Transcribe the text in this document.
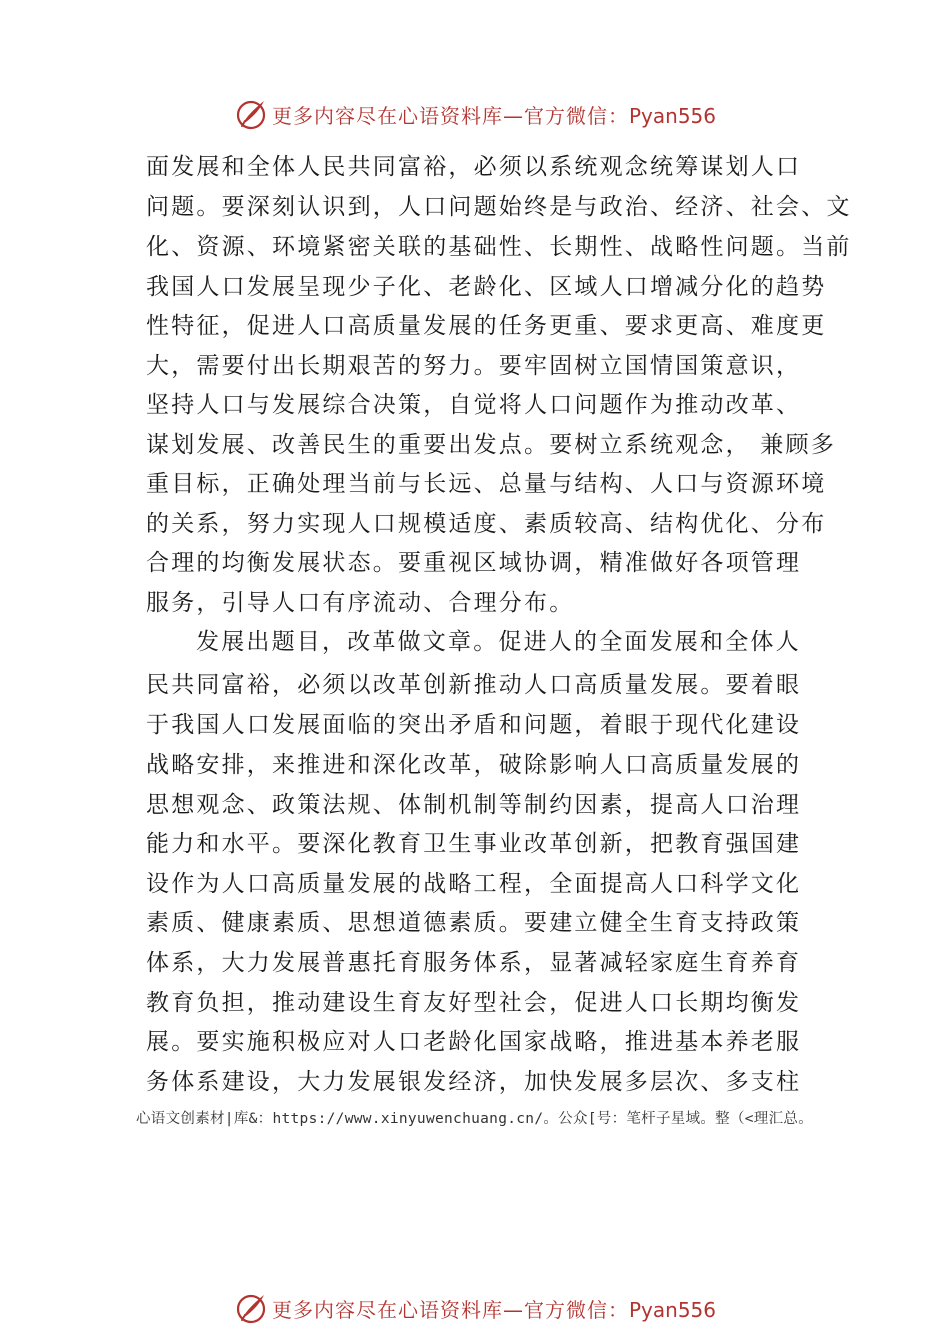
更多内容尽在心语资料库—官方微信：Pyan556
面发展和全体人民共同富裕，必须以系统观念统筹谋划人口
问题。要深刻认识到，人口问题始终是与政治、经济、社会、文
化、资源、环境紧密关联的基础性、长期性、战略性问题。当前
我国人口发展呈现少子化、老龄化、区域人口增减分化的趋势
性特征，促进人口高质量发展的任务更重、要求更高、难度更
大，需要付出长期艰苦的努力。要牢固树立国情国策意识，
坚持人口与发展综合决策，自觉将人口问题作为推动改革、
谋划发展、改善民生的重要出发点。要树立系统观念， 兼顾多
重目标，正确处理当前与长远、总量与结构、人口与资源环境
的关系，努力实现人口规模适度、素质较高、结构优化、分布
合理的均衡发展状态。要重视区域协调，精准做好各项管理
服务，引导人口有序流动、合理分布。
发展出题目，改革做文章。促进人的全面发展和全体人
民共同富裕，必须以改革创新推动人口高质量发展。要着眼
于我国人口发展面临的突出矛盾和问题，着眼于现代化建设
战略安排，来推进和深化改革，破除影响人口高质量发展的
思想观念、政策法规、体制机制等制约因素，提高人口治理
能力和水平。要深化教育卫生事业改革创新，把教育强国建
设作为人口高质量发展的战略工程，全面提高人口科学文化
素质、健康素质、思想道德素质。要建立健全生育支持政策
体系，大力发展普惠托育服务体系，显著减轻家庭生育养育
教育负担，推动建设生育友好型社会，促进人口长期均衡发
展。要实施积极应对人口老龄化国家战略，推进基本养老服
务体系建设，大力发展银发经济，加快发展多层次、多支柱
心语文创素材|库&：https://www.xinyuwenchuang.cn/。公众[号：笔杆子星域。整（<理汇总。
更多内容尽在心语资料库—官方微信：Pyan556
